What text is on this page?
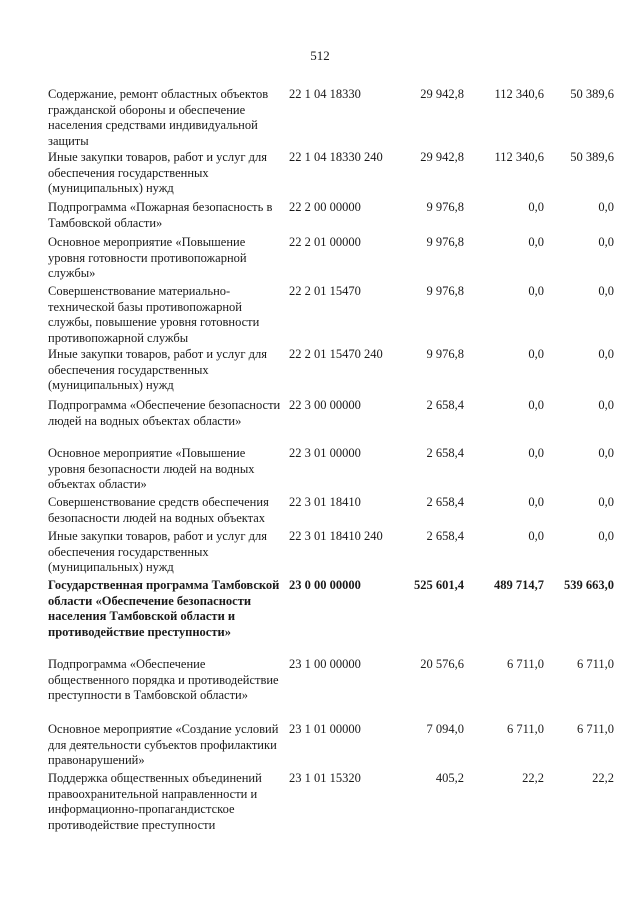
512
Содержание, ремонт областных объектов гражданской обороны и обеспечение населения средствами индивидуальной защиты
22 1 04 18330	29 942,8	112 340,6	50 389,6
Иные закупки товаров, работ и услуг для обеспечения государственных (муниципальных) нужд
22 1 04 18330 240	29 942,8	112 340,6	50 389,6
Подпрограмма «Пожарная безопасность в Тамбовской области»
22 2 00 00000	9 976,8	0,0	0,0
Основное мероприятие «Повышение уровня готовности противопожарной службы»
22 2 01 00000	9 976,8	0,0	0,0
Совершенствование материально-технической базы противопожарной службы, повышение уровня готовности противопожарной службы
22 2 01 15470	9 976,8	0,0	0,0
Иные закупки товаров, работ и услуг для обеспечения государственных (муниципальных) нужд
22 2 01 15470 240	9 976,8	0,0	0,0
Подпрограмма «Обеспечение безопасности людей на водных объектах области»
22 3 00 00000	2 658,4	0,0	0,0
Основное мероприятие «Повышение уровня безопасности людей на водных объектах области»
22 3 01 00000	2 658,4	0,0	0,0
Совершенствование средств обеспечения безопасности людей на водных объектах
22 3 01 18410	2 658,4	0,0	0,0
Иные закупки товаров, работ и услуг для обеспечения государственных (муниципальных) нужд
22 3 01 18410 240	2 658,4	0,0	0,0
Государственная программа Тамбовской области «Обеспечение безопасности населения Тамбовской области и противодействие преступности»
23 0 00 00000	525 601,4	489 714,7	539 663,0
Подпрограмма «Обеспечение общественного порядка и противодействие преступности в Тамбовской области»
23 1 00 00000	20 576,6	6 711,0	6 711,0
Основное мероприятие «Создание условий для деятельности субъектов профилактики правонарушений»
23 1 01 00000	7 094,0	6 711,0	6 711,0
Поддержка общественных объединений правоохранительной направленности и информационно-пропагандистское противодействие преступности
23 1 01 15320	405,2	22,2	22,2
